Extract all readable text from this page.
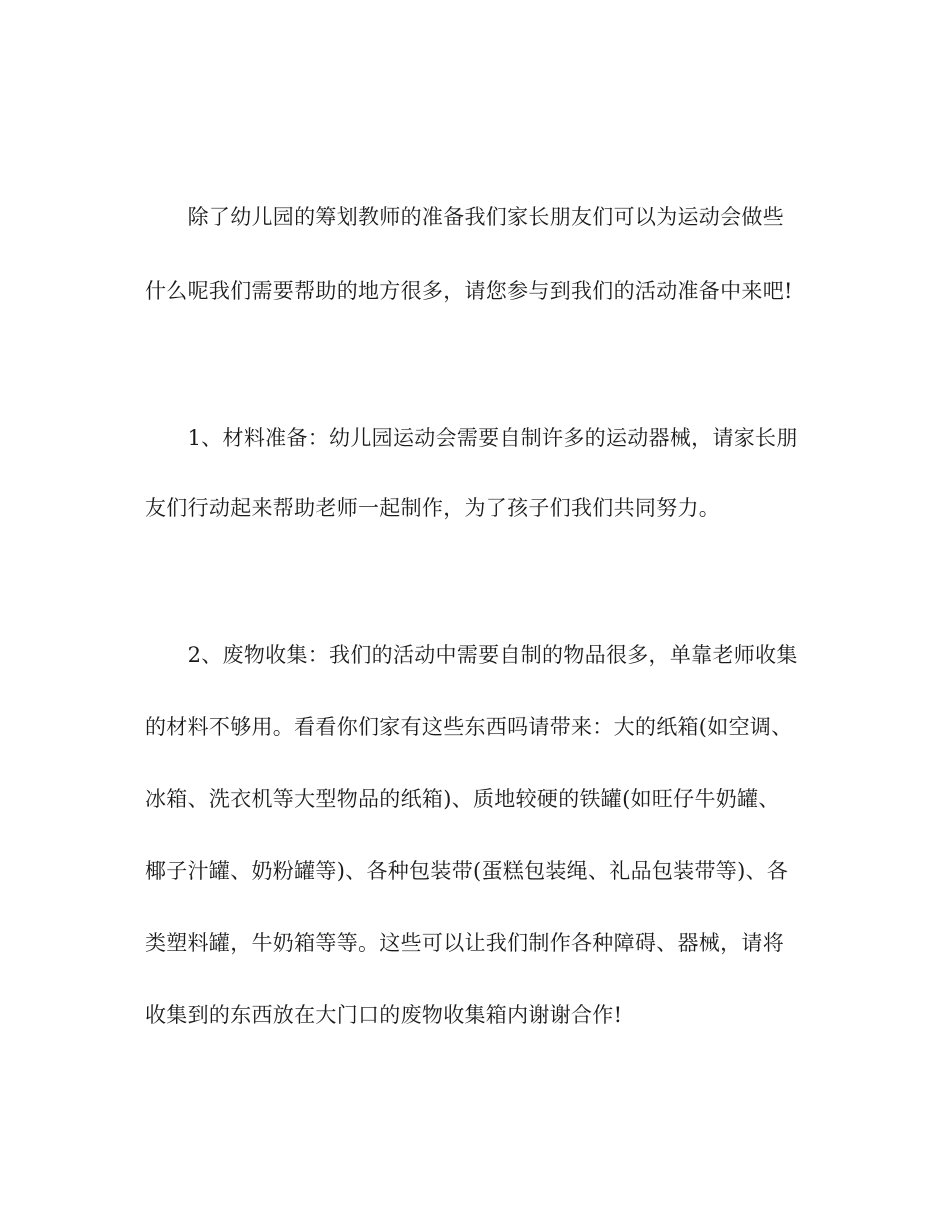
　　除了幼儿园的筹划教师的准备我们家长朋友们可以为运动会做些
什么呢我们需要帮助的地方很多，请您参与到我们的活动准备中来吧!
　　1、材料准备：幼儿园运动会需要自制许多的运动器械，请家长朋
友们行动起来帮助老师一起制作，为了孩子们我们共同努力。
　　2、废物收集：我们的活动中需要自制的物品很多，单靠老师收集
的材料不够用。看看你们家有这些东西吗请带来：大的纸箱(如空调、
冰箱、洗衣机等大型物品的纸箱)、质地较硬的铁罐(如旺仔牛奶罐、
椰子汁罐、奶粉罐等)、各种包装带(蛋糕包装绳、礼品包装带等)、各
类塑料罐，牛奶箱等等。这些可以让我们制作各种障碍、器械，请将
收集到的东西放在大门口的废物收集箱内谢谢合作!
